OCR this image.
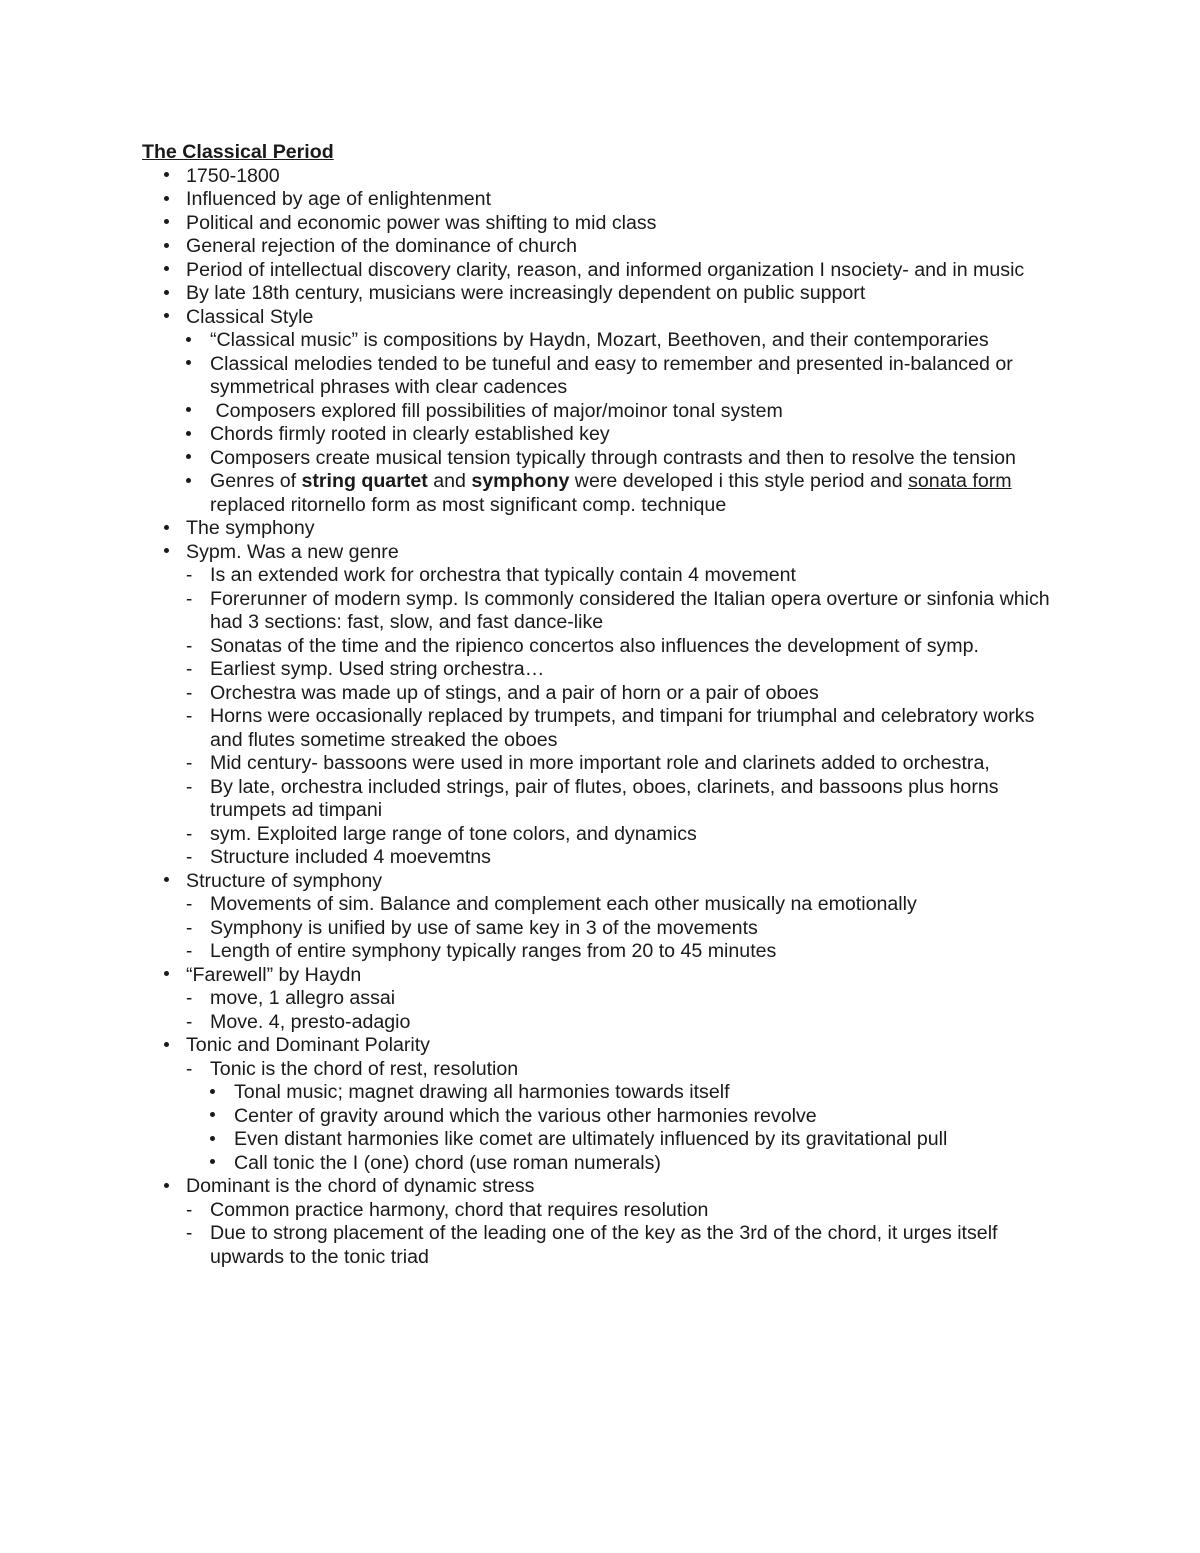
The Classical Period
1750-1800
Influenced by age of enlightenment
Political and economic power was shifting to mid class
General rejection of the dominance of church
Period of intellectual discovery clarity, reason, and informed organization I nsociety- and in music
By late 18th century, musicians were increasingly dependent on public support
Classical Style
“Classical music” is compositions by Haydn, Mozart, Beethoven, and their contemporaries
Classical melodies tended to be tuneful and easy to remember and presented in-balanced or symmetrical phrases with clear cadences
Composers explored fill possibilities of major/moinor tonal system
Chords firmly rooted in clearly established key
Composers create musical tension typically through contrasts and then to resolve the tension
Genres of string quartet and symphony were developed i this style period and sonata form replaced ritornello form as most significant comp. technique
The symphony
Sypm. Was a new genre
- Is an extended work for orchestra that typically contain 4 movement
- Forerunner of modern symp. Is commonly considered the Italian opera overture or sinfonia which had 3 sections: fast, slow, and fast dance-like
- Sonatas of the time and the ripienco concertos also influences the development of symp.
- Earliest symp. Used string orchestra…
- Orchestra was made up of stings, and a pair of horn or a pair of oboes
- Horns were occasionally replaced by trumpets, and timpani for triumphal and celebratory works and flutes sometime streaked the oboes
- Mid century- bassoons were used in more important role and clarinets added to orchestra,
- By late, orchestra included strings, pair of flutes, oboes, clarinets, and bassoons plus horns trumpets ad timpani
- sym. Exploited large range of tone colors, and dynamics
- Structure included 4 moevemtns
Structure of symphony
- Movements of sim. Balance and complement each other musically na emotionally
- Symphony is unified by use of same key in 3 of the movements
- Length of entire symphony typically ranges from 20 to 45 minutes
“Farewell” by Haydn
- move, 1 allegro assai
- Move. 4, presto-adagio
Tonic and Dominant Polarity
- Tonic is the chord of rest, resolution
Tonal music; magnet drawing all harmonies towards itself
Center of gravity around which the various other harmonies revolve
Even distant harmonies like comet are ultimately influenced by its gravitational pull
Call tonic the I (one) chord (use roman numerals)
Dominant is the chord of dynamic stress
- Common practice harmony, chord that requires resolution
- Due to strong placement of the leading one of the key as the 3rd of the chord, it urges itself upwards to the tonic triad
